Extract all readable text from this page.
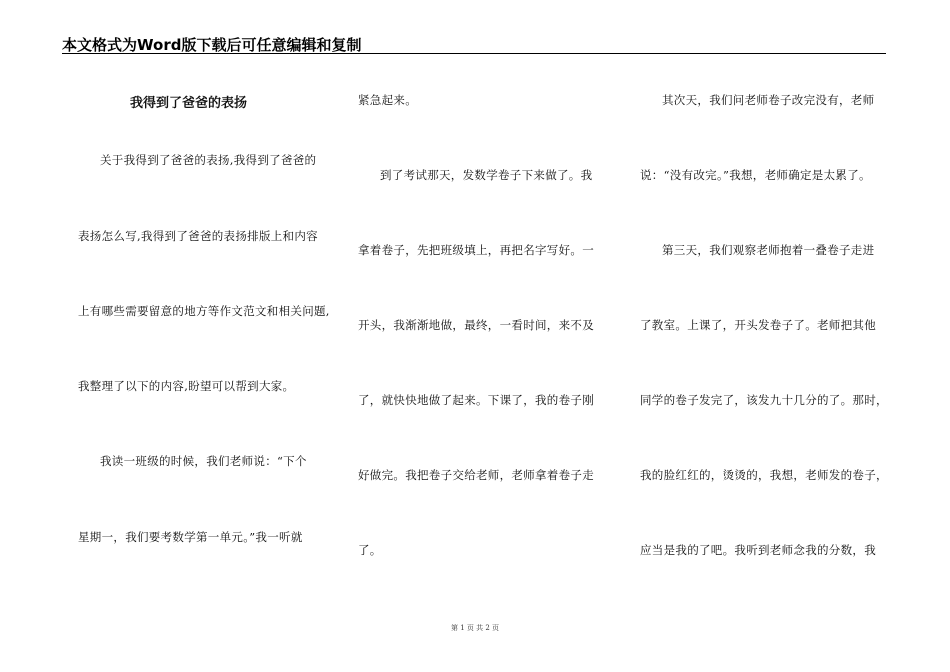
本文格式为Word版下载后可任意编辑和复制
我得到了爸爸的表扬
关于我得到了爸爸的表扬,我得到了爸爸的
表扬怎么写,我得到了爸爸的表扬排版上和内容
上有哪些需要留意的地方等作文范文和相关问题,
我整理了以下的内容,盼望可以帮到大家。
我读一班级的时候，我们老师说：“下个
星期一，我们要考数学第一单元。”我一听就
紧急起来。
到了考试那天，发数学卷子下来做了。我
拿着卷子，先把班级填上，再把名字写好。一
开头，我渐渐地做，最终，一看时间，来不及
了，就快快地做了起来。下课了，我的卷子刚
好做完。我把卷子交给老师，老师拿着卷子走
了。
其次天，我们问老师卷子改完没有，老师
说：“没有改完。”我想，老师确定是太累了。
第三天，我们观察老师抱着一叠卷子走进
了教室。上课了，开头发卷子了。老师把其他
同学的卷子发完了，该发九十几分的了。那时，
我的脸红红的，烫烫的，我想，老师发的卷子，
应当是我的了吧。我听到老师念我的分数，我
第 1 页 共 2 页
